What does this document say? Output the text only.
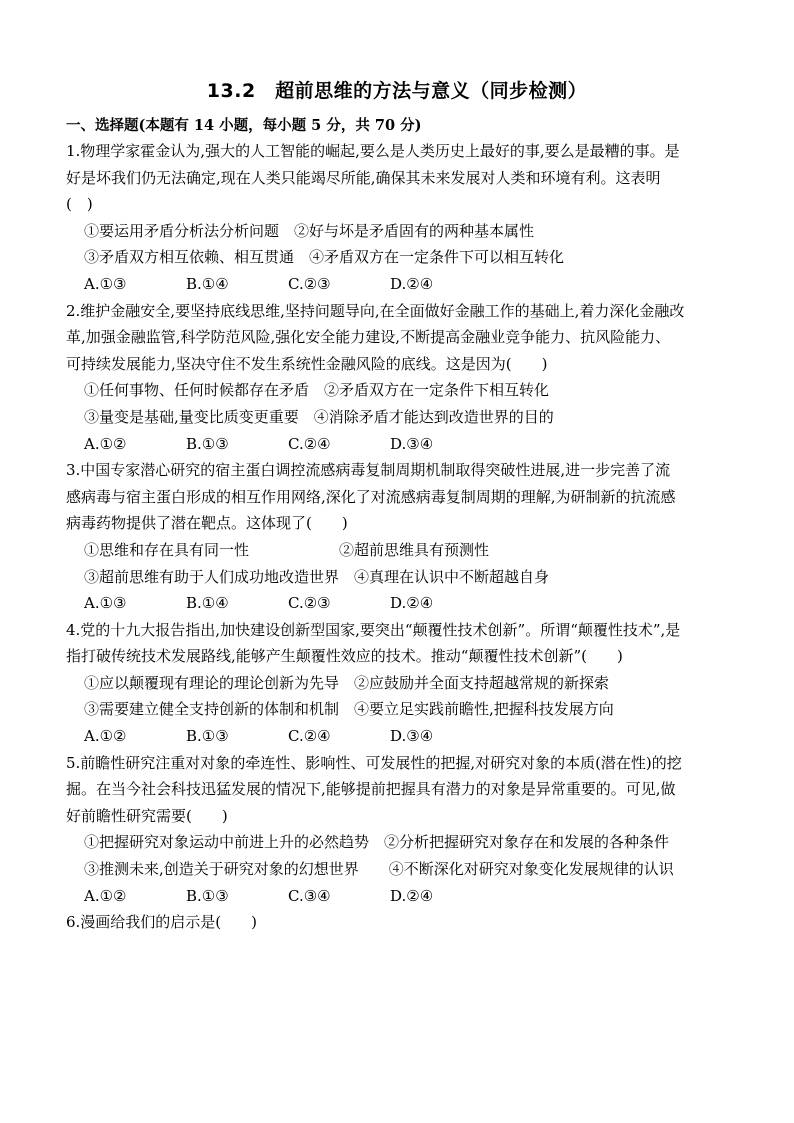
13.2　超前思维的方法与意义（同步检测）
一、选择题(本题有 14 小题，每小题 5 分，共 70 分)
1.物理学家霍金认为,强大的人工智能的崛起,要么是人类历史上最好的事,要么是最糟的事。是
好是坏我们仍无法确定,现在人类只能竭尽所能,确保其未来发展对人类和环境有利。这表明
(　)
①要运用矛盾分析法分析问题　②好与坏是矛盾固有的两种基本属性
③矛盾双方相互依赖、相互贯通　④矛盾双方在一定条件下可以相互转化
A.①③	B.①④	C.②③	D.②④
2.维护金融安全,要坚持底线思维,坚持问题导向,在全面做好金融工作的基础上,着力深化金融改
革,加强金融监管,科学防范风险,强化安全能力建设,不断提高金融业竞争能力、抗风险能力、
可持续发展能力,坚决守住不发生系统性金融风险的底线。这是因为(　　)
①任何事物、任何时候都存在矛盾　②矛盾双方在一定条件下相互转化
③量变是基础,量变比质变更重要　④消除矛盾才能达到改造世界的目的
A.①②	B.①③	C.②④	D.③④
3.中国专家潜心研究的宿主蛋白调控流感病毒复制周期机制取得突破性进展,进一步完善了流
感病毒与宿主蛋白形成的相互作用网络,深化了对流感病毒复制周期的理解,为研制新的抗流感
病毒药物提供了潜在靶点。这体现了(　　)
①思维和存在具有同一性　　　　　　②超前思维具有预测性
③超前思维有助于人们成功地改造世界　④真理在认识中不断超越自身
A.①③	B.①④	C.②③	D.②④
4.党的十九大报告指出,加快建设创新型国家,要突出“颠覆性技术创新”。所谓“颠覆性技术”,是
指打破传统技术发展路线,能够产生颠覆性效应的技术。推动“颠覆性技术创新”(　　)
①应以颠覆现有理论的理论创新为先导　②应鼓励并全面支持超越常规的新探索
③需要建立健全支持创新的体制和机制　④要立足实践前瞻性,把握科技发展方向
A.①②	B.①③	C.②④	D.③④
5.前瞻性研究注重对对象的牵连性、影响性、可发展性的把握,对研究对象的本质(潜在性)的挖
掘。在当今社会科技迅猛发展的情况下,能够提前把握具有潜力的对象是异常重要的。可见,做
好前瞻性研究需要(　　)
①把握研究对象运动中前进上升的必然趋势　②分析把握研究对象存在和发展的各种条件
③推测未来,创造关于研究对象的幻想世界　　④不断深化对研究对象变化发展规律的认识
A.①②	B.①③	C.③④	D.②④
6.漫画给我们的启示是(　　)
